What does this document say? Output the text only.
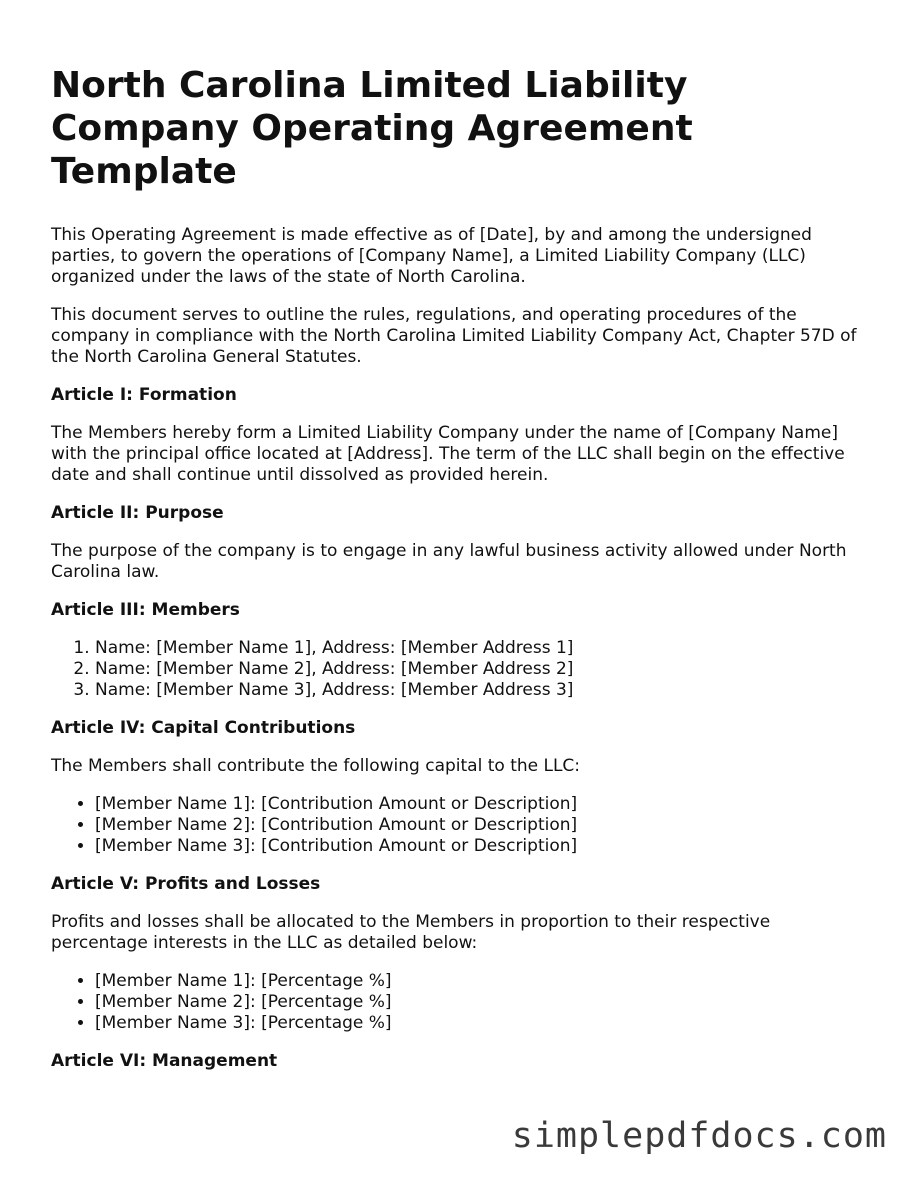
North Carolina Limited Liability Company Operating Agreement Template

This Operating Agreement is made effective as of [Date], by and among the undersigned parties, to govern the operations of [Company Name], a Limited Liability Company (LLC) organized under the laws of the state of North Carolina.

This document serves to outline the rules, regulations, and operating procedures of the company in compliance with the North Carolina Limited Liability Company Act, Chapter 57D of the North Carolina General Statutes.

Article I: Formation

The Members hereby form a Limited Liability Company under the name of [Company Name] with the principal office located at [Address]. The term of the LLC shall begin on the effective date and shall continue until dissolved as provided herein.

Article II: Purpose

The purpose of the company is to engage in any lawful business activity allowed under North Carolina law.

Article III: Members
1. Name: [Member Name 1], Address: [Member Address 1]
2. Name: [Member Name 2], Address: [Member Address 2]
3. Name: [Member Name 3], Address: [Member Address 3]
Article IV: Capital Contributions

The Members shall contribute the following capital to the LLC:

• [Member Name 1]: [Contribution Amount or Description]
• [Member Name 2]: [Contribution Amount or Description]
• [Member Name 3]: [Contribution Amount or Description]
Article V: Profits and Losses

Profits and losses shall be allocated to the Members in proportion to their respective percentage interests in the LLC as detailed below:

• [Member Name 1]: [Percentage %]
• [Member Name 2]: [Percentage %]
• [Member Name 3]: [Percentage %]
Article VI: Management
simplepdfdocs.com
